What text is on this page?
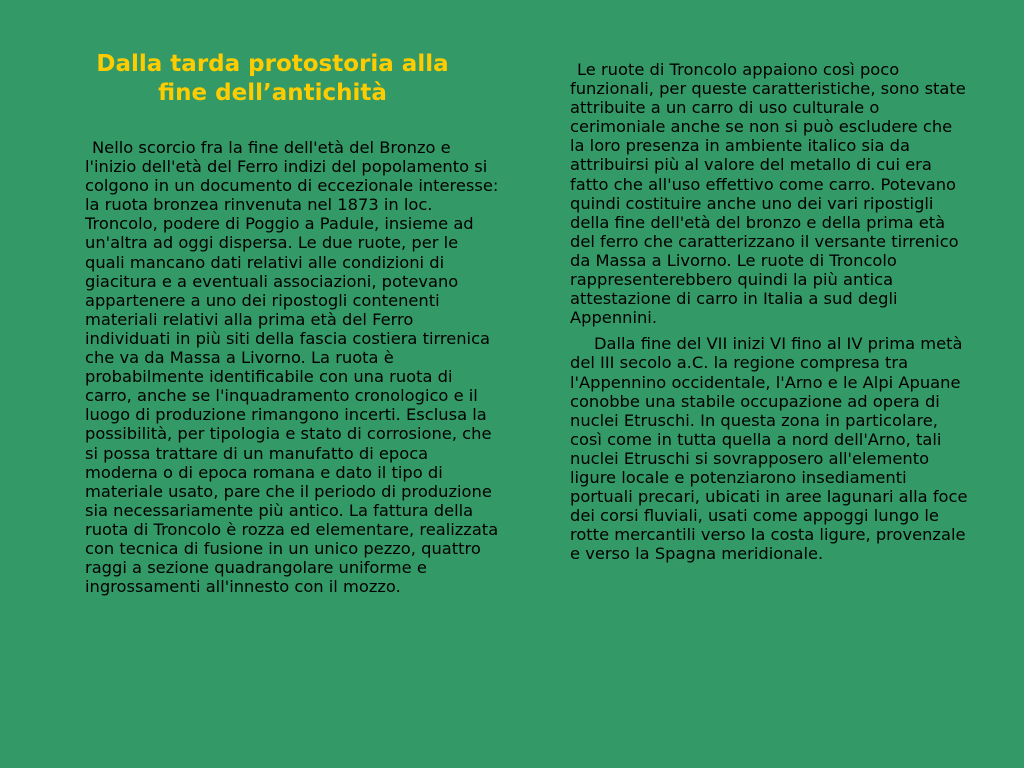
Dalla tarda protostoria alla fine dell’antichità

Nello scorcio fra la fine dell'età del Bronzo e l'inizio dell'età del Ferro indizi del popolamento si colgono in un documento di eccezionale interesse: la ruota bronzea rinvenuta nel 1873 in loc. Troncolo, podere di Poggio a Padule, insieme ad un'altra ad oggi dispersa. Le due ruote, per le quali mancano dati relativi alle condizioni di giacitura e a eventuali associazioni, potevano appartenere a uno dei ripostogli contenenti materiali relativi alla prima età del Ferro individuati in più siti della fascia costiera tirrenica che va da Massa a Livorno. La ruota è probabilmente identificabile con una ruota di carro, anche se l'inquadramento cronologico e il luogo di produzione rimangono incerti. Esclusa la possibilità, per tipologia e stato di corrosione, che si possa trattare di un manufatto di epoca moderna o di epoca romana e dato il tipo di materiale usato, pare che il periodo di produzione sia necessariamente più antico. La fattura della ruota di Troncolo è rozza ed elementare, realizzata con tecnica di fusione in un unico pezzo, quattro raggi a sezione quadrangolare uniforme e ingrossamenti all'innesto con il mozzo.

Le ruote di Troncolo appaiono così poco funzionali, per queste caratteristiche, sono state attribuite a un carro di uso culturale o cerimoniale anche se non si può escludere che la loro presenza in ambiente italico sia da attribuirsi più al valore del metallo di cui era fatto che all'uso effettivo come carro. Potevano quindi costituire anche uno dei vari ripostigli della fine dell'età del bronzo e della prima età del ferro che caratterizzano il versante tirrenico da Massa a Livorno. Le ruote di Troncolo rappresenterebbero quindi la più antica attestazione di carro in Italia a sud degli Appennini.

Dalla fine del VII inizi VI fino al IV prima metà del III secolo a.C. la regione compresa tra l'Appennino occidentale, l'Arno e le Alpi Apuane conobbe una stabile occupazione ad opera di nuclei Etruschi. In questa zona in particolare, così come in tutta quella a nord dell'Arno, tali nuclei Etruschi si sovrapposero all'elemento ligure locale e potenziarono insediamenti portuali precari, ubicati in aree lagunari alla foce dei corsi fluviali, usati come appoggi lungo le rotte mercantili verso la costa ligure, provenzale e verso la Spagna meridionale.
